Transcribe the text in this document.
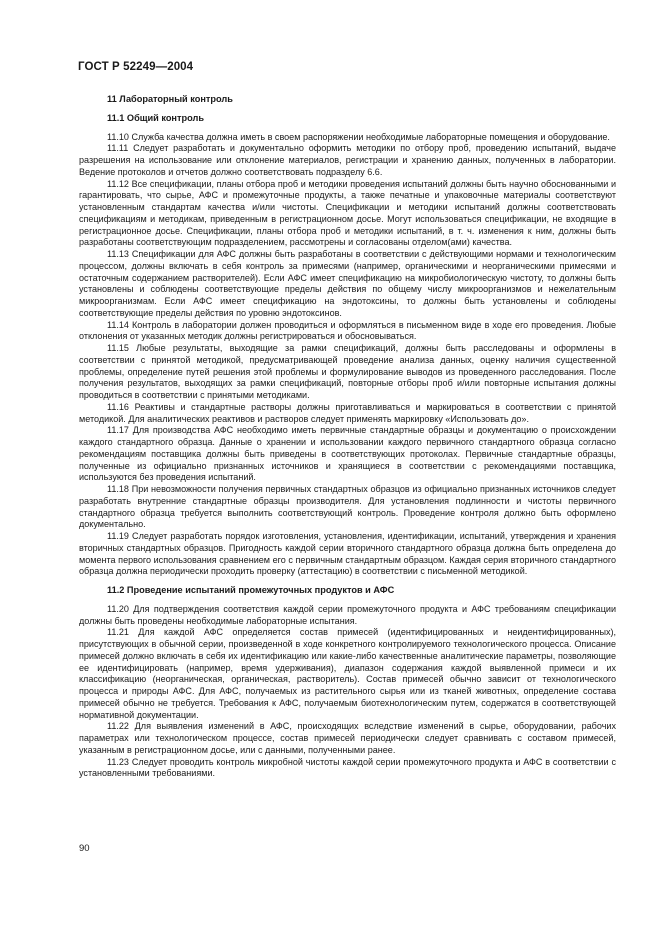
ГОСТ Р 52249—2004
11 Лабораторный контроль
11.1 Общий контроль

11.10 Служба качества должна иметь в своем распоряжении необходимые лабораторные помещения и оборудование.

11.11 Следует разработать и документально оформить методики по отбору проб, проведению испытаний, выдаче разрешения на использование или отклонение материалов, регистрации и хранению данных, полученных в лаборатории. Ведение протоколов и отчетов должно соответствовать подразделу 6.6.

11.12 Все спецификации, планы отбора проб и методики проведения испытаний должны быть научно обоснованными и гарантировать, что сырье, АФС и промежуточные продукты, а также печатные и упаковочные материалы соответствуют установленным стандартам качества и/или чистоты. Спецификации и методики испытаний должны соответствовать спецификациям и методикам, приведенным в регистрационном досье. Могут использоваться спецификации, не входящие в регистрационное досье. Спецификации, планы отбора проб и методики испытаний, в т. ч. изменения к ним, должны быть разработаны соответствующим подразделением, рассмотрены и согласованы отделом(ами) качества.

11.13 Спецификации для АФС должны быть разработаны в соответствии с действующими нормами и технологическим процессом, должны включать в себя контроль за примесями (например, органическими и неорганическими примесями и остаточным содержанием растворителей). Если АФС имеет спецификацию на микробиологическую чистоту, то должны быть установлены и соблюдены соответствующие пределы действия по общему числу микроорганизмов и нежелательным микроорганизмам. Если АФС имеет спецификацию на эндотоксины, то должны быть установлены и соблюдены соответствующие пределы действия по уровню эндотоксинов.

11.14 Контроль в лаборатории должен проводиться и оформляться в письменном виде в ходе его проведения. Любые отклонения от указанных методик должны регистрироваться и обосновываться.

11.15 Любые результаты, выходящие за рамки спецификаций, должны быть расследованы и оформлены в соответствии с принятой методикой, предусматривающей проведение анализа данных, оценку наличия существенной проблемы, определение путей решения этой проблемы и формулирование выводов из проведенного расследования. После получения результатов, выходящих за рамки спецификаций, повторные отборы проб и/или повторные испытания должны проводиться в соответствии с принятыми методиками.

11.16 Реактивы и стандартные растворы должны приготавливаться и маркироваться в соответствии с принятой методикой. Для аналитических реактивов и растворов следует применять маркировку «Использовать до».

11.17 Для производства АФС необходимо иметь первичные стандартные образцы и документацию о происхождении каждого стандартного образца. Данные о хранении и использовании каждого первичного стандартного образца согласно рекомендациям поставщика должны быть приведены в соответствующих протоколах. Первичные стандартные образцы, полученные из официально признанных источников и хранящиеся в соответствии с рекомендациями поставщика, используются без проведения испытаний.

11.18 При невозможности получения первичных стандартных образцов из официально признанных источников следует разработать внутренние стандартные образцы производителя. Для установления подлинности и чистоты первичного стандартного образца требуется выполнить соответствующий контроль. Проведение контроля должно быть оформлено документально.

11.19 Следует разработать порядок изготовления, установления, идентификации, испытаний, утверждения и хранения вторичных стандартных образцов. Пригодность каждой серии вторичного стандартного образца должна быть определена до момента первого использования сравнением его с первичным стандартным образцом. Каждая серия вторичного стандартного образца должна периодически проходить проверку (аттестацию) в соответствии с письменной методикой.

11.2 Проведение испытаний промежуточных продуктов и АФС

11.20 Для подтверждения соответствия каждой серии промежуточного продукта и АФС требованиям спецификации должны быть проведены необходимые лабораторные испытания.

11.21 Для каждой АФС определяется состав примесей (идентифицированных и неидентифицированных), присутствующих в обычной серии, произведенной в ходе конкретного контролируемого технологического процесса. Описание примесей должно включать в себя их идентификацию или какие-либо качественные аналитические параметры, позволяющие ее идентифицировать (например, время удерживания), диапазон содержания каждой выявленной примеси и их классификацию (неорганическая, органическая, растворитель). Состав примесей обычно зависит от технологического процесса и природы АФС. Для АФС, получаемых из растительного сырья или из тканей животных, определение состава примесей обычно не требуется. Требования к АФС, получаемым биотехнологическим путем, содержатся в соответствующей нормативной документации.

11.22 Для выявления изменений в АФС, происходящих вследствие изменений в сырье, оборудовании, рабочих параметрах или технологическом процессе, состав примесей периодически следует сравнивать с составом примесей, указанным в регистрационном досье, или с данными, полученными ранее.

11.23 Следует проводить контроль микробной чистоты каждой серии промежуточного продукта и АФС в соответствии с установленными требованиями.

90
